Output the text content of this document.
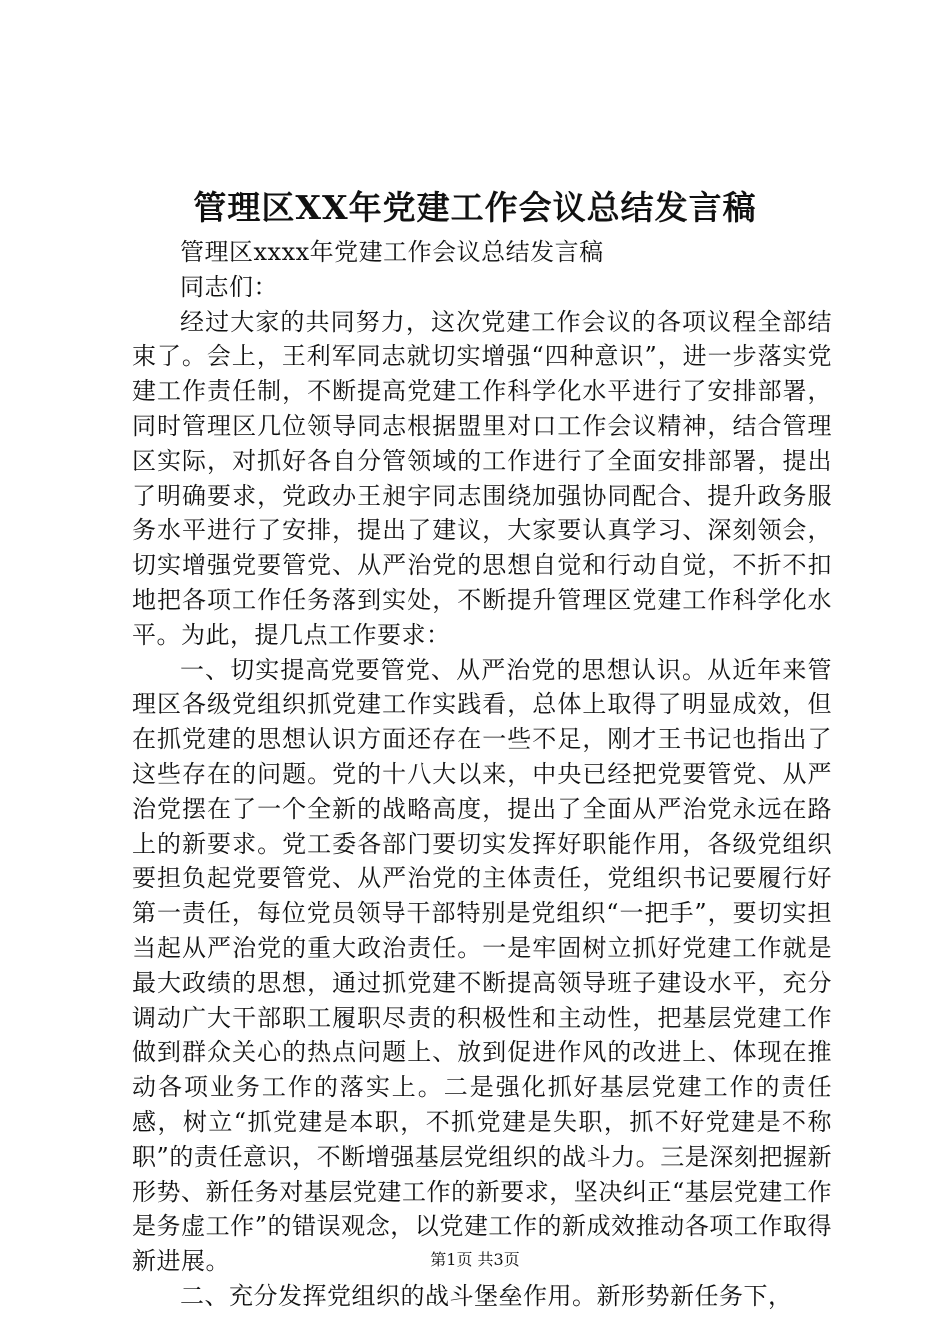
管理区XX年党建工作会议总结发言稿

管理区xxxx年党建工作会议总结发言稿

同志们：

经过大家的共同努力，这次党建工作会议的各项议程全部结束了。会上，王利军同志就切实增强“四种意识”，进一步落实党建工作责任制，不断提高党建工作科学化水平进行了安排部署，同时管理区几位领导同志根据盟里对口工作会议精神，结合管理区实际，对抓好各自分管领域的工作进行了全面安排部署，提出了明确要求，党政办王昶宇同志围绕加强协同配合、提升政务服务水平进行了安排，提出了建议，大家要认真学习、深刻领会，切实增强党要管党、从严治党的思想自觉和行动自觉，不折不扣地把各项工作任务落到实处，不断提升管理区党建工作科学化水平。为此，提几点工作要求：

一、切实提高党要管党、从严治党的思想认识。从近年来管理区各级党组织抓党建工作实践看，总体上取得了明显成效，但在抓党建的思想认识方面还存在一些不足，刚才王书记也指出了这些存在的问题。党的十八大以来，中央已经把党要管党、从严治党摆在了一个全新的战略高度，提出了全面从严治党永远在路上的新要求。党工委各部门要切实发挥好职能作用，各级党组织要担负起党要管党、从严治党的主体责任，党组织书记要履行好第一责任，每位党员领导干部特别是党组织“一把手”，要切实担当起从严治党的重大政治责任。一是牢固树立抓好党建工作就是最大政绩的思想，通过抓党建不断提高领导班子建设水平，充分调动广大干部职工履职尽责的积极性和主动性，把基层党建工作做到群众关心的热点问题上、放到促进作风的改进上、体现在推动各项业务工作的落实上。二是强化抓好基层党建工作的责任感，树立“抓党建是本职，不抓党建是失职，抓不好党建是不称职”的责任意识，不断增强基层党组织的战斗力。三是深刻把握新形势、新任务对基层党建工作的新要求，坚决纠正“基层党建工作是务虚工作”的错误观念，以党建工作的新成效推动各项工作取得新进展。

二、充分发挥党组织的战斗堡垒作用。新形势新任务下，

第1页 共3页
